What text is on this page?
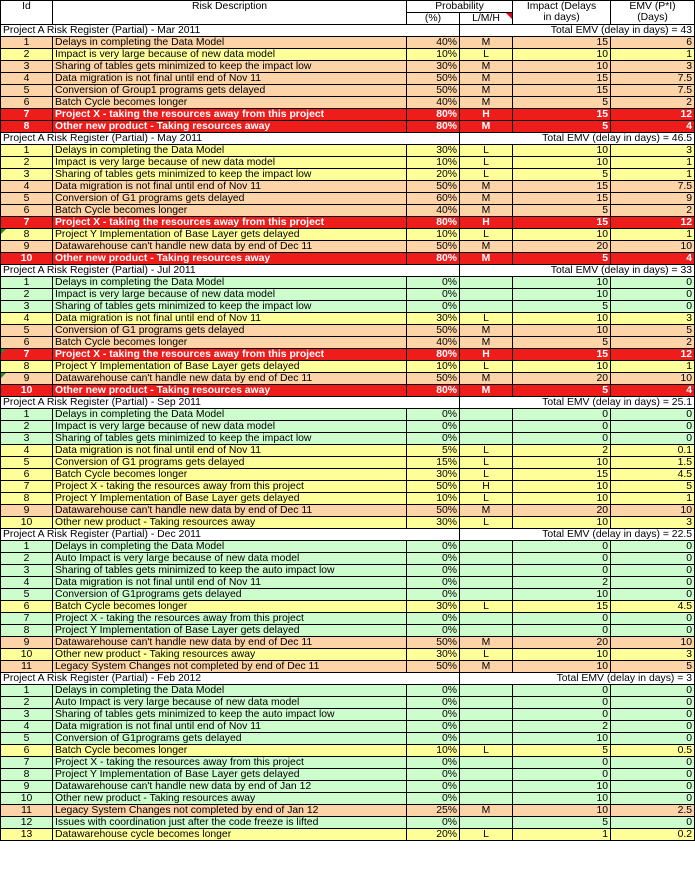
Id	Risk Description	Probability		Impact (Delays
in days)	EMV (P*I)
(Days)
		(%)	L/M/H		

Project A Risk Register (Partial) - Mar 2011			Total EMV (delay in days) = 43		
1	Delays in completing the Data Model	40%	M	15	6
2	Impact is very large because of new data model	10%	L	10	1
3	Sharing of tables gets minimized to keep the impact low	30%	M	10	3
4	Data migration is not final until end of Nov 11	50%	M	15	7.5
5	Conversion of Group1 programs gets delayed	50%	M	15	7.5
6	Batch Cycle becomes longer	40%	M	5	2
7	Project X - taking the resources away from this project	80%	H	15	12
8	Other new product - Taking resources away	80%	M	5	4
Project A Risk Register (Partial) - May 2011			Total EMV (delay in days) = 46.5		
1	Delays in completing the Data Model	30%	L	10	3
2	Impact is very large because of new data model	10%	L	10	1
3	Sharing of tables gets minimized to keep the impact low	20%	L	5	1
4	Data migration is not final until end of Nov 11	50%	M	15	7.5
5	Conversion of G1 programs gets delayed	60%	M	15	9
6	Batch Cycle becomes longer	40%	M	5	2
7	Project X - taking the resources away from this project	80%	H	15	12

8	Project Y Implementation of Base Layer gets delayed	10%	L	10	1
9	Datawarehouse can't handle new data by end of Dec 11	50%	M	20	10
10	Other new product - Taking resources away	80%	M	5	4
Project A Risk Register (Partial) - Jul 2011			Total EMV (delay in days) = 33		
1	Delays in completing the Data Model	0%		10	0
2	Impact is very large because of new data model	0%		10	0
3	Sharing of tables gets minimized to keep the impact low	0%		5	0
4	Data migration is not final until end of Nov 11	30%	L	10	3
5	Conversion of G1 programs gets delayed	50%	M	10	5
6	Batch Cycle becomes longer	40%	M	5	2

7	Project X - taking the resources away from this project	80%	H	15	12
8	Project Y Implementation of Base Layer gets delayed	10%	L	10	1

9	Datawarehouse can't handle new data by end of Dec 11	50%	M	20	10
10	Other new product - Taking resources away	80%	M	5	4
Project A Risk Register (Partial) - Sep 2011			Total EMV (delay in days) = 25.1		
1	Delays in completing the Data Model	0%		0	0
2	Impact is very large because of new data model	0%		0	0
3	Sharing of tables gets minimized to keep the impact low	0%		0	0
4	Data migration is not final until end of Nov 11	5%	L	2	0.1
5	Conversion of G1 programs gets delayed	15%	L	10	1.5
6	Batch Cycle becomes longer	30%	L	15	4.5
7	Project X - taking the resources away from this project	50%	H	10	5
8	Project Y Implementation of Base Layer gets delayed	10%	L	10	1
9	Datawarehouse can't handle new data by end of Dec 11	50%	M	20	10
10	Other new product - Taking resources away	30%	L	10	3
Project A Risk Register (Partial) - Dec 2011			Total EMV (delay in days) = 22.5		
1	Delays in completing the Data Model	0%		0	0
2	Auto Impact is very large because of new data model	0%		0	0
3	Sharing of tables gets minimized to keep the auto impact low	0%		0	0
4	Data migration is not final until end of Nov 11	0%		2	0
5	Conversion of G1programs gets delayed	0%		10	0
6	Batch Cycle becomes longer	30%	L	15	4.5
7	Project X - taking the resources away from this project	0%		0	0
8	Project Y Implementation of Base Layer gets delayed	0%		0	0
9	Datawarehouse can't handle new data by end of Dec 11	50%	M	20	10
10	Other new product - Taking resources away	30%	L	10	3
11	Legacy System Changes not completed by end of Dec 11	50%	M	10	5
Project A Risk Register (Partial) - Feb 2012			Total EMV (delay in days) = 3		
1	Delays in completing the Data Model	0%		0	0
2	Auto Impact is very large because of new data model	0%		0	0
3	Sharing of tables gets minimized to keep the auto impact low	0%		0	0
4	Data migration is not final until end of Nov 11	0%		2	0
5	Conversion of G1programs gets delayed	0%		10	0
6	Batch Cycle becomes longer	10%	L	5	0.5
7	Project X - taking the resources away from this project	0%		0	0
8	Project Y Implementation of Base Layer gets delayed	0%		0	0
9	Datawarehouse can't handle new data by end of Jan 12	0%		10	0
10	Other new product - Taking resources away	0%		10	0
11	Legacy System Changes not completed by end of Jan 12	25%	M	10	2.5
12	Issues with coordination just after the code freeze is lifted	0%		5	0
13	Datawarehouse cycle becomes longer	20%	L	1	0.2
